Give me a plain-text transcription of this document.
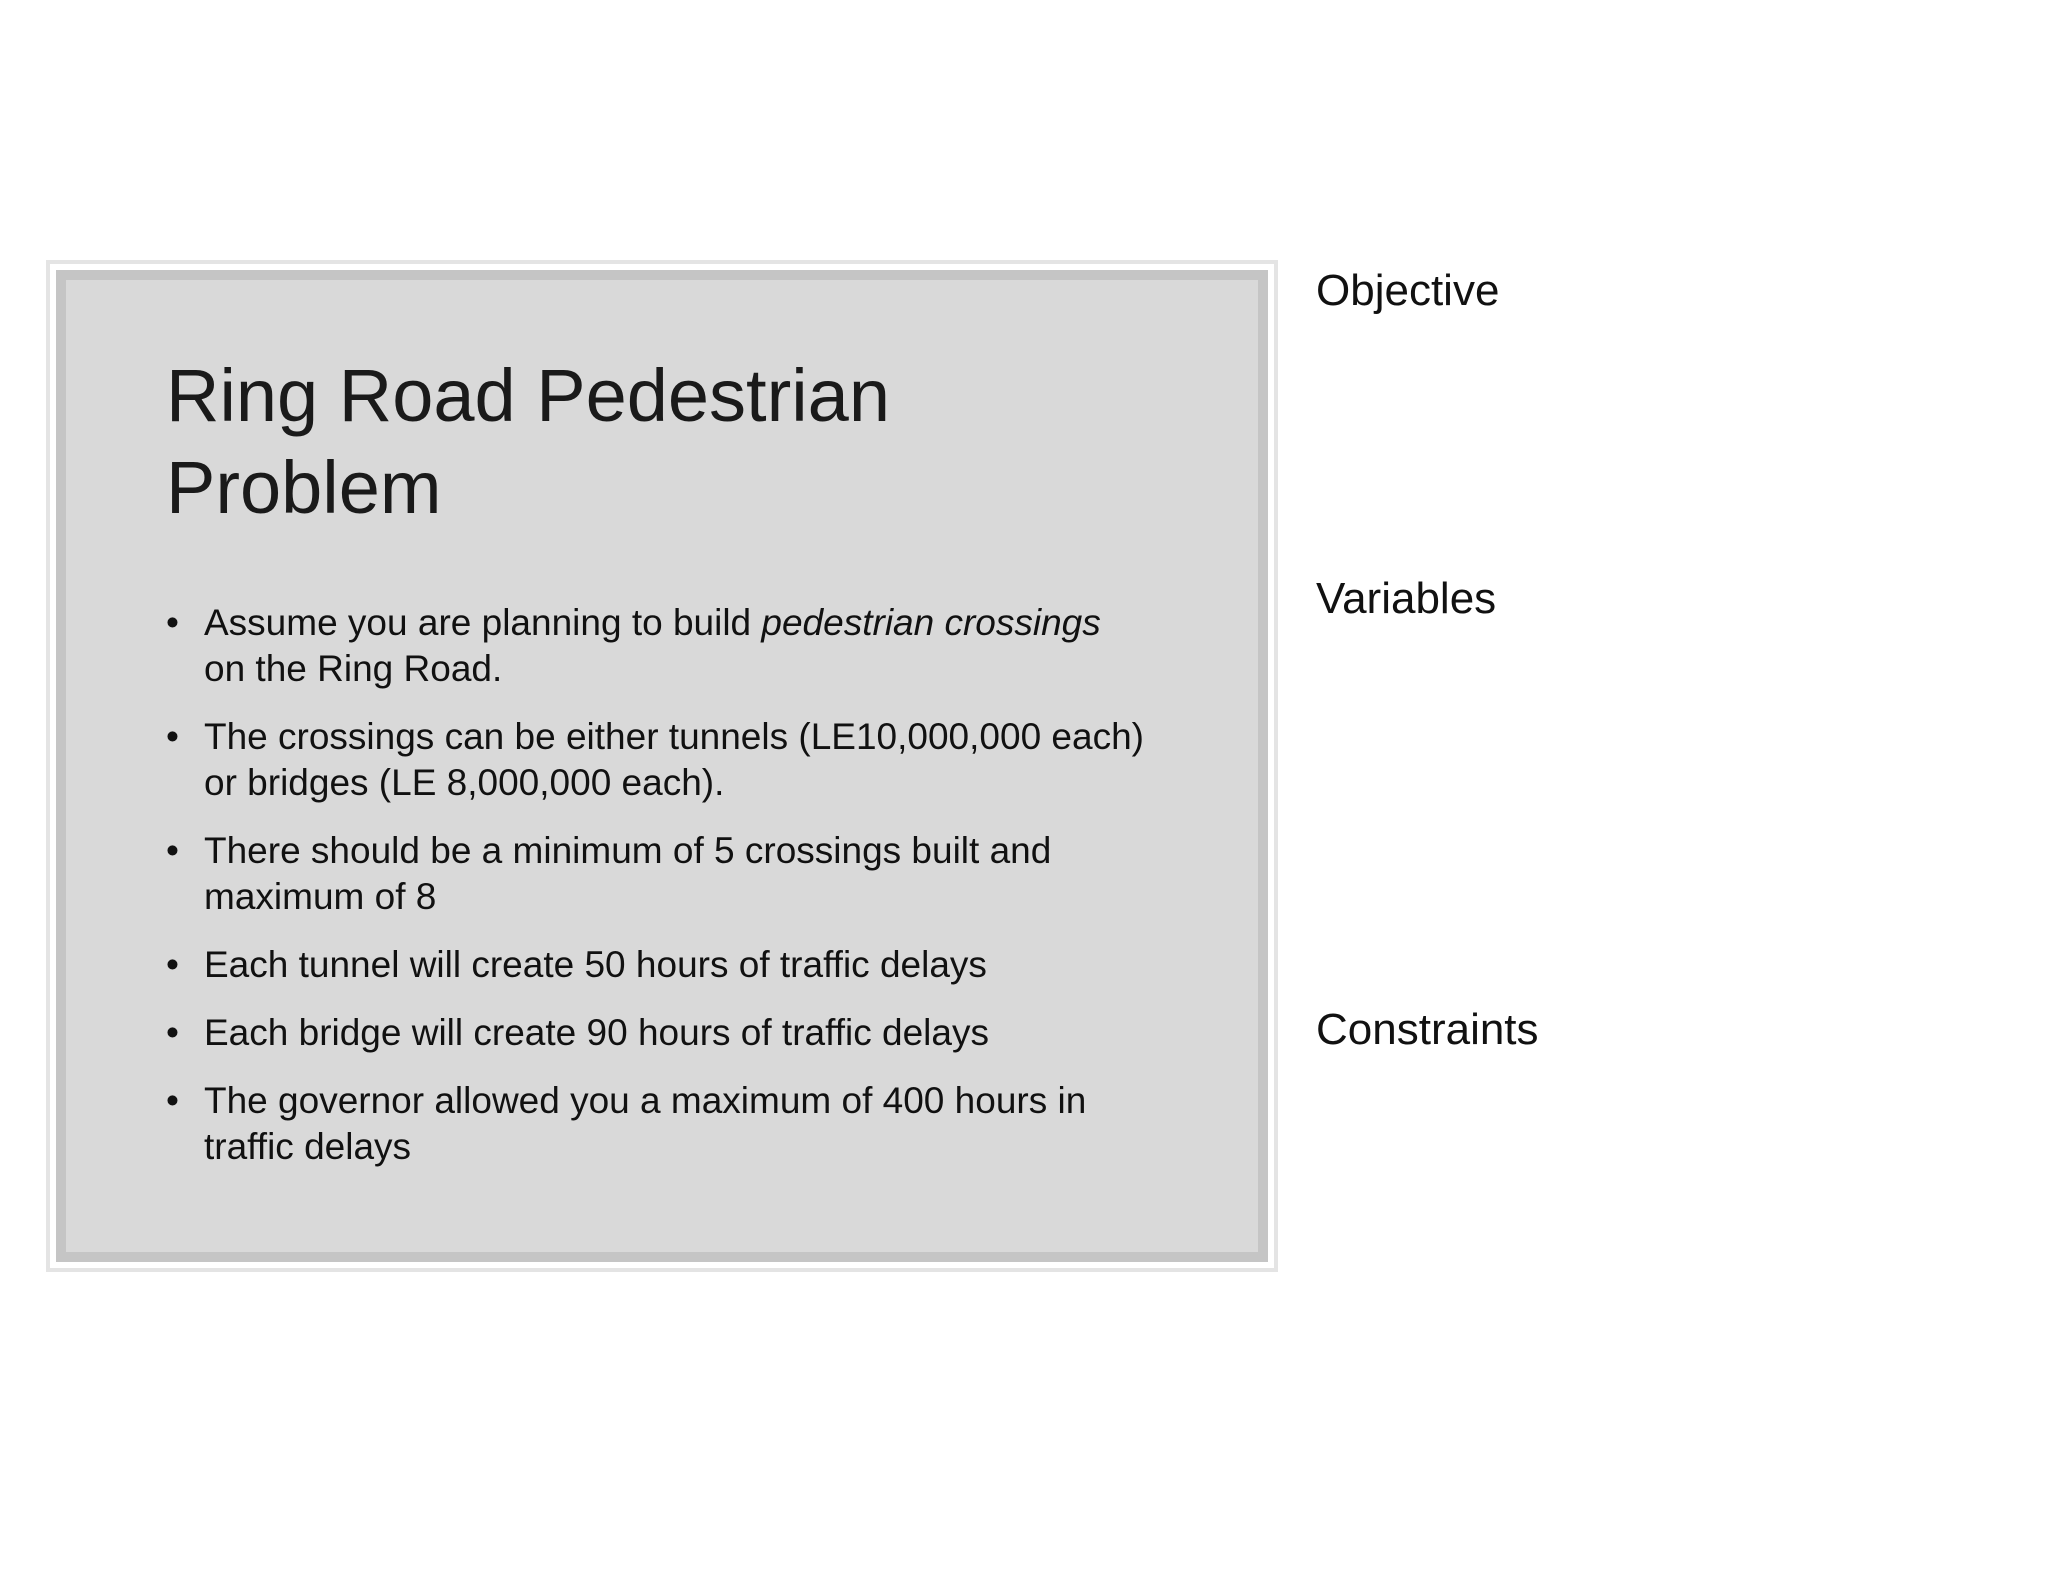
Ring Road Pedestrian
Problem
• Assume you are planning to build pedestrian crossings
on the Ring Road.
• The crossings can be either tunnels (LE10,000,000 each)
or bridges (LE 8,000,000 each).
• There should be a minimum of 5 crossings built and
maximum of 8
• Each tunnel will create 50 hours of traffic delays
• Each bridge will create 90 hours of traffic delays
• The governor allowed you a maximum of 400 hours in
traffic delays
Objective
Variables
Constraints
